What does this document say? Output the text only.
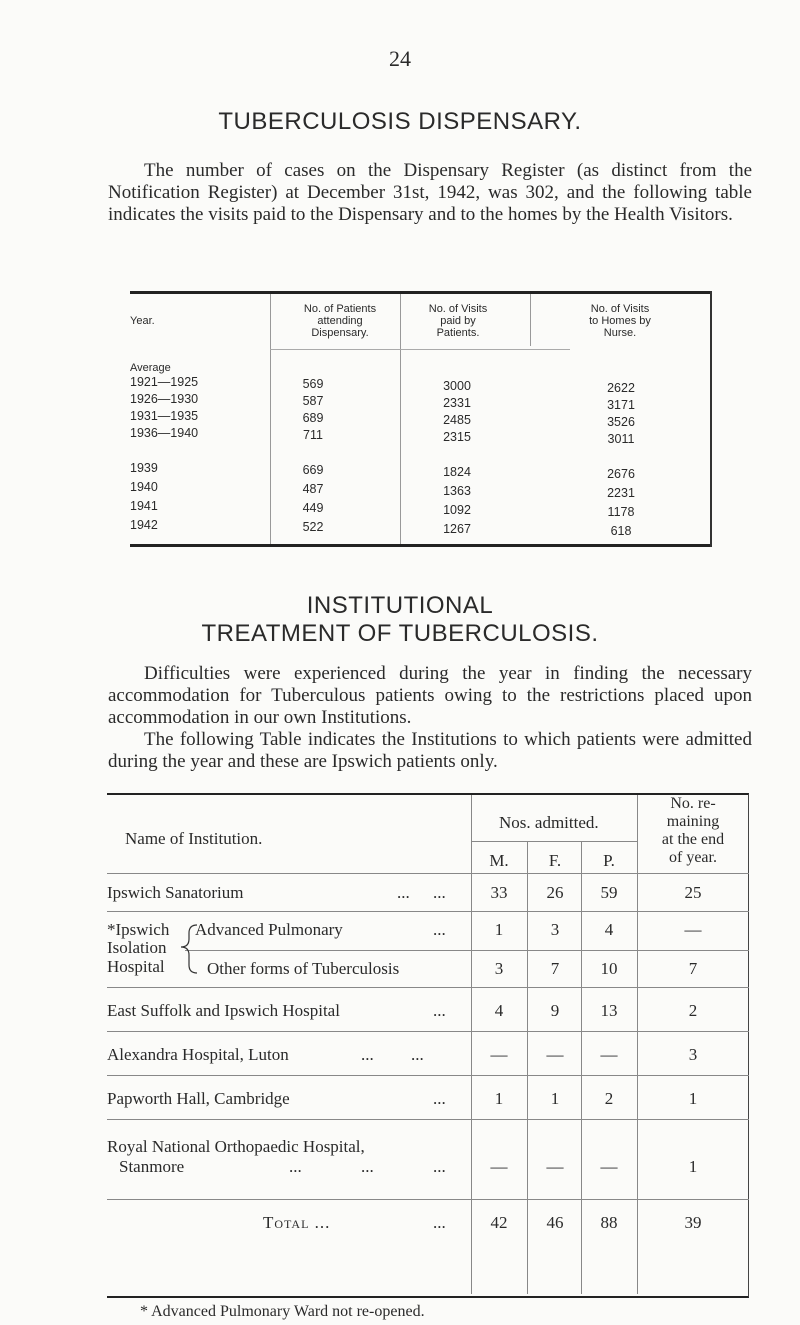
24
TUBERCULOSIS DISPENSARY.
The number of cases on the Dispensary Register (as distinct from the Notification Register) at December 31st, 1942, was 302, and the following table indicates the visits paid to the Dispensary and to the homes by the Health Visitors.
Year.
No. of Patients
attending
Dispensary.
No. of Visits
paid by
Patients.
No. of Visits
to Homes by
Nurse.
Average
1921—1925	569	3000	2622
1926—1930	587	2331	3171
1931—1935	689	2485	3526
1936—1940	711	2315	3011
1939	669	1824	2676
1940	487	1363	2231
1941	449	1092	1178
1942	522	1267	618
INSTITUTIONAL
TREATMENT OF TUBERCULOSIS.
Difficulties were experienced during the year in finding the necessary accommodation for Tuberculous patients owing to the restrictions placed upon accommodation in our own Institutions.
The following Table indicates the Institutions to which patients were admitted during the year and these are Ipswich patients only.
Name of Institution.
Nos. admitted.
M.	F.	P.
No. re-
maining
at the end
of year.
Ipswich Sanatorium	... ...	33	26	59	25
*Ipswich
Isolation
Hospital
Advanced Pulmonary	...	1	3	4	—
Other forms of Tuberculosis	3	7	10	7
East Suffolk and Ipswich Hospital	...	4	9	13	2
Alexandra Hospital, Luton	... ...	—	—	—	3
Papworth Hall, Cambridge	...	1	1	2	1
Royal National Orthopaedic Hospital,
Stanmore	...	...	...	—	—	—	1
Total ...	...	42	46	88	39
* Advanced Pulmonary Ward not re-opened.
